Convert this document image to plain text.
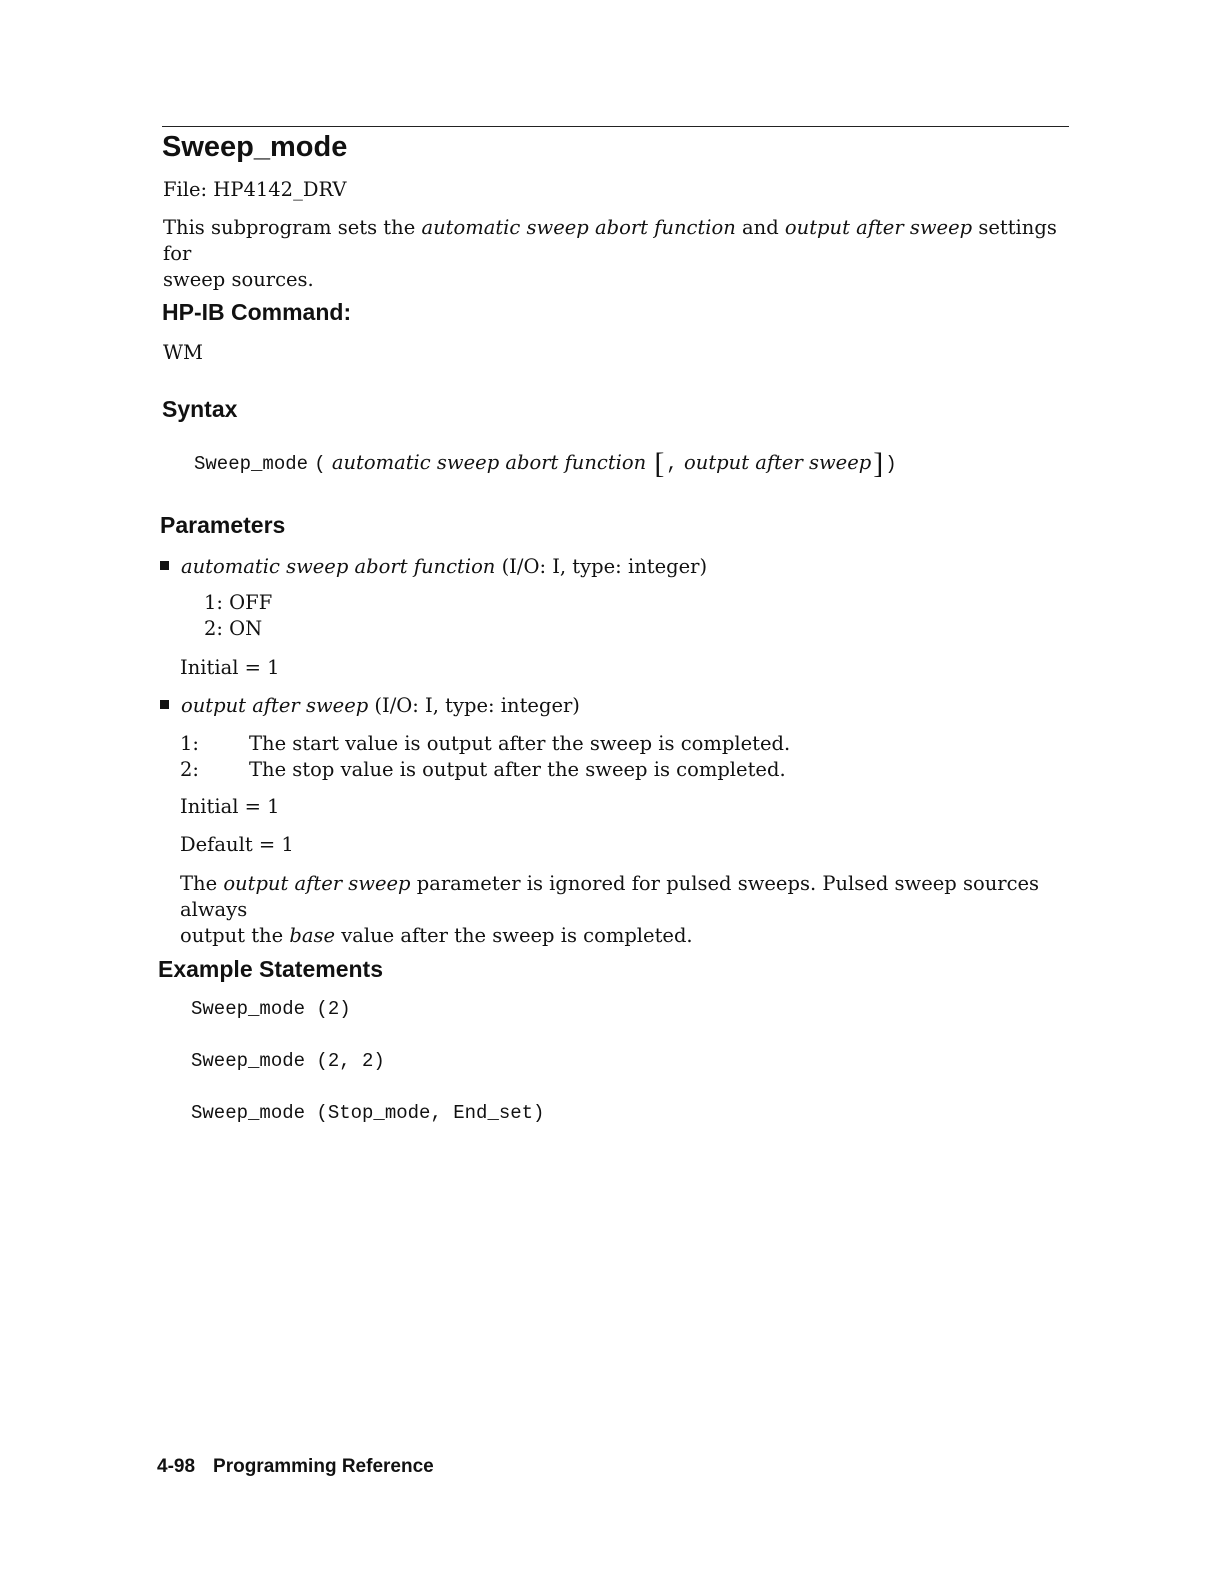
Sweep_mode
File: HP4142_DRV
This subprogram sets the automatic sweep abort function and output after sweep settings for
sweep sources.
HP-IB Command:
WM
Syntax
Sweep_mode ( automatic sweep abort function [ , output after sweep] )
Parameters
automatic sweep abort function (I/O: I, type: integer)
1: OFF
2: ON
Initial = 1
output after sweep (I/O: I, type: integer)
1:	The start value is output after the sweep is completed.
2:	The stop value is output after the sweep is completed.
Initial = 1
Default = 1
The output after sweep parameter is ignored for pulsed sweeps. Pulsed sweep sources always
output the base value after the sweep is completed.
Example Statements
Sweep_mode (2)
Sweep_mode (2, 2)
Sweep_mode (Stop_mode, End_set)
4-98 Programming Reference
